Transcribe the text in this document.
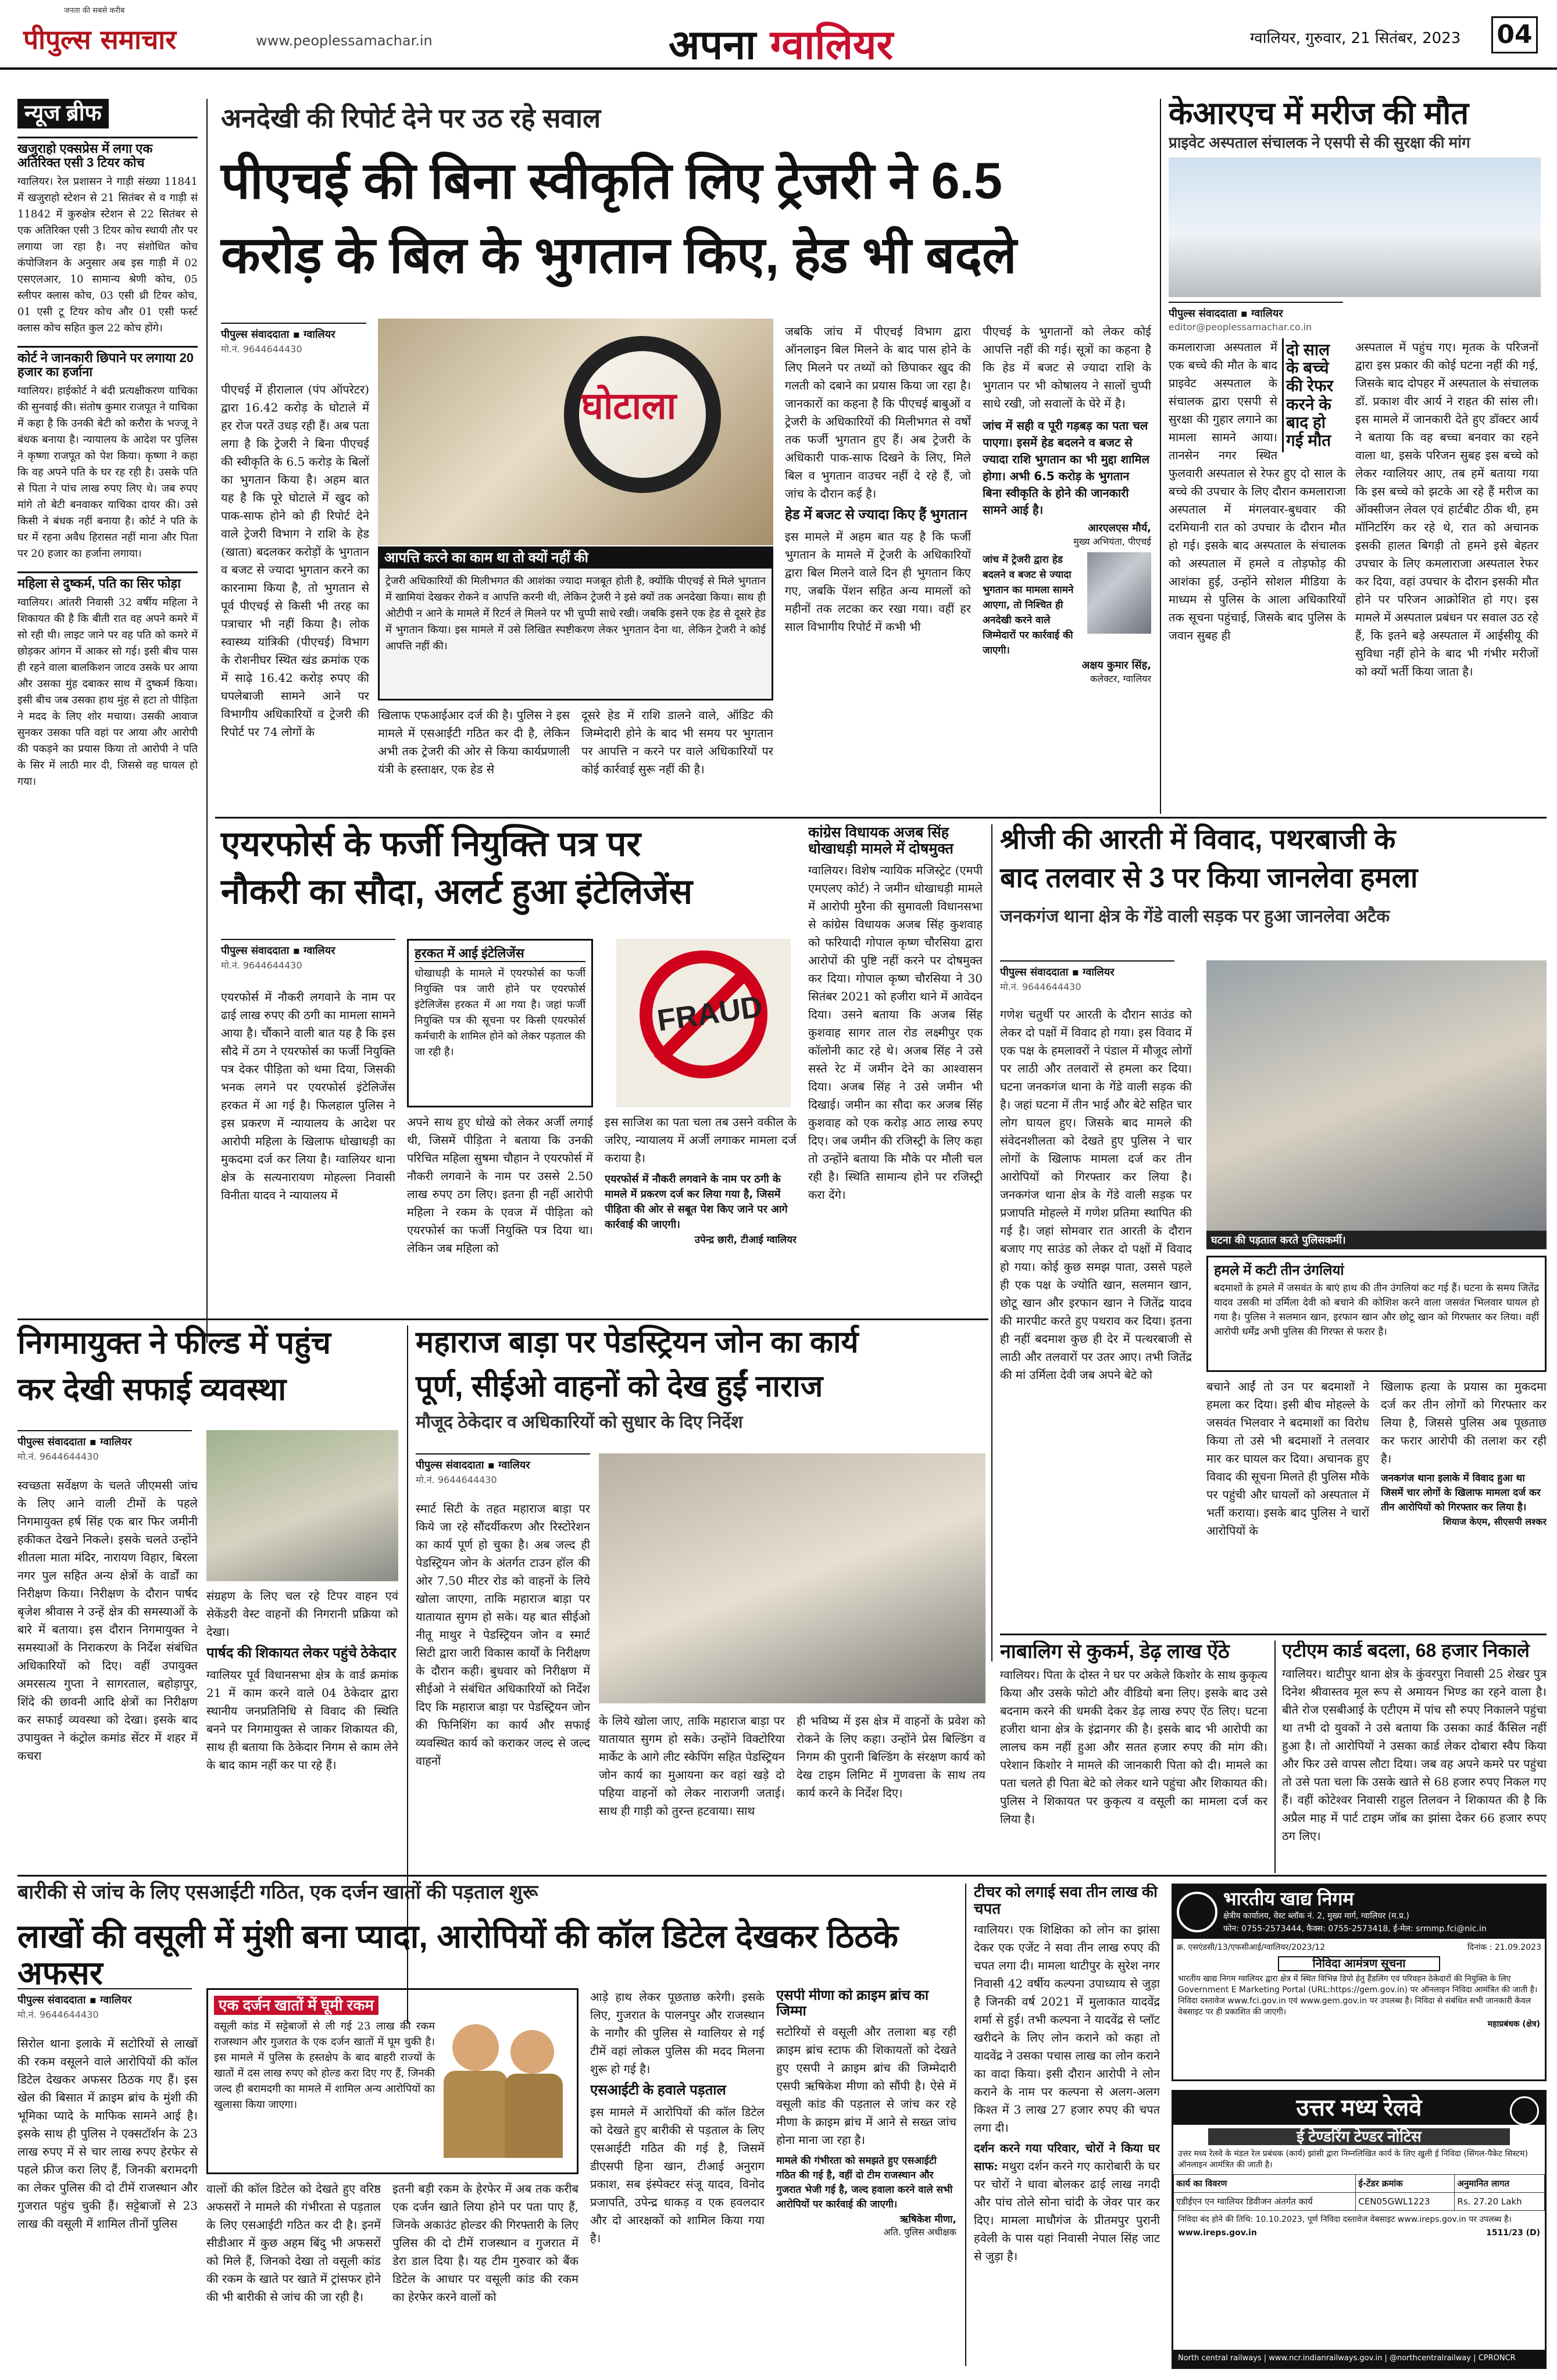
जनता की सबसे करीब
पीपुल्स समाचार	www.peoplessamachar.in	अपना ग्वालियर	ग्वालियर, गुरुवार, 21 सितंबर, 2023 04
न्यूज ब्रीफ
खजुराहो एक्सप्रेस में लगा एक अतिरिक्त एसी 3 टियर कोच
ग्वालियर। रेल प्रशासन ने गाड़ी संख्या 11841 में खजुराहो स्टेशन से 21 सितंबर से व गाड़ी सं 11842 में कुरुक्षेत्र स्टेशन से 22 सितंबर से एक अतिरिक्त एसी 3 टियर कोच स्थायी तौर पर लगाया जा रहा है। नए संशोधित कोच कंपोजिशन के अनुसार अब इस गाड़ी में 02 एसएलआर, 10 सामान्य श्रेणी कोच, 05 स्लीपर क्लास कोच, 03 एसी थ्री टियर कोच, 01 एसी टू टियर कोच और 01 एसी फर्स्ट क्लास कोच सहित कुल 22 कोच होंगे।
कोर्ट ने जानकारी छिपाने पर लगाया 20 हजार का हर्जाना
ग्वालियर। हाईकोर्ट ने बंदी प्रत्यक्षीकरण याचिका की सुनवाई की। संतोष कुमार राजपूत ने याचिका में कहा है कि उनकी बेटी को करौरा के भज्जू ने बंधक बनाया है। न्यायालय के आदेश पर पुलिस ने कृष्णा राजपूत को पेश किया। कृष्णा ने कहा कि वह अपने पति के घर रह रही है। उसके पति से पिता ने पांच लाख रुपए लिए थे। जब रुपए मांगे तो बेटी बनवाकर याचिका दायर की। उसे किसी ने बंधक नहीं बनाया है। कोर्ट ने पति के घर में रहना अवैध हिरासत नहीं माना और पिता पर 20 हजार का हर्जाना लगाया।
महिला से दुष्कर्म, पति का सिर फोड़ा
ग्वालियर। आंतरी निवासी 32 वर्षीय महिला ने शिकायत की है कि बीती रात वह अपने कमरे में सो रही थी। लाइट जाने पर वह पति को कमरे में छोड़कर आंगन में आकर सो गई। इसी बीच पास ही रहने वाला बालकिशन जाटव उसके घर आया और उसका मुंह दबाकर साथ में दुष्कर्म किया। इसी बीच जब उसका हाथ मुंह से हटा तो पीड़िता ने मदद के लिए शोर मचाया। उसकी आवाज सुनकर उसका पति वहां पर आया और आरोपी की पकड़ने का प्रयास किया तो आरोपी ने पति के सिर में लाठी मार दी, जिससे वह घायल हो गया।
अनदेखी की रिपोर्ट देने पर उठ रहे सवाल
पीएचई की बिना स्वीकृति लिए ट्रेजरी ने 6.5
करोड़ के बिल के भुगतान किए, हेड भी बदले
पीपुल्स संवाददाता ▪ ग्वालियर
मो.नं. 9644644430
घोटाला
पीएचई में हीरालाल (पंप ऑपरेटर) द्वारा 16.42 करोड़ के घोटाले में हर रोज परतें उधड़ रही हैं। अब पता लगा है कि ट्रेजरी ने बिना पीएचई की स्वीकृति के 6.5 करोड़ के बिलों का भुगतान किया है। अहम बात यह है कि पूरे घोटाले में खुद को पाक-साफ होने को ही रिपोर्ट देने वाले ट्रेजरी विभाग ने राशि के हेड (खाता) बदलकर करोड़ों के भुगतान व बजट से ज्यादा भुगतान करने का कारनामा किया है, तो भुगतान से पूर्व पीएचई से किसी भी तरह का पत्राचार भी नहीं किया है। लोक स्वास्थ्य यांत्रिकी (पीएचई) विभाग के रोशनीघर स्थित खंड क्रमांक एक में साढ़े 16.42 करोड़ रुपए की घपलेबाजी सामने आने पर विभागीय अधिकारियों व ट्रेजरी की रिपोर्ट पर 74 लोगों के
आपत्ति करने का काम था तो क्यों नहीं की
ट्रेजरी अधिकारियों की मिलीभगत की आशंका ज्यादा मजबूत होती है, क्योंकि पीएचई से मिले भुगतान में खामियां देखकर रोकने व आपत्ति करनी थी, लेकिन ट्रेजरी ने इसे क्यों तक अनदेखा किया। साथ ही ओटीपी न आने के मामले में रिटर्न ले मिलने पर भी चुप्पी साधे रखी। जबकि इसने एक हेड से दूसरे हेड में भुगतान किया। इस मामले में उसे लिखित स्पष्टीकरण लेकर भुगतान देना था, लेकिन ट्रेजरी ने कोई आपत्ति नहीं की।
खिलाफ एफआईआर दर्ज की है। पुलिस ने इस मामले में एसआईटी गठित कर दी है, लेकिन अभी तक ट्रेजरी की ओर से किया कार्यप्रणाली यंत्री के हस्ताक्षर, एक हेड से
दूसरे हेड में राशि डालने वाले, ऑडिट की जिम्मेदारी होने के बाद भी समय पर भुगतान पर आपत्ति न करने पर वाले अधिकारियों पर कोई कार्रवाई सुरू नहीं की है।
जबकि जांच में पीएचई विभाग द्वारा ऑनलाइन बिल मिलने के बाद पास होने के लिए मिलने पर तथ्यों को छिपाकर खुद की गलती को दबाने का प्रयास किया जा रहा है। जानकारों का कहना है कि पीएचई बाबुओं व ट्रेजरी के अधिकारियों की मिलीभगत से वर्षों तक फर्जी भुगतान हुए हैं। अब ट्रेजरी के अधिकारी पाक-साफ दिखने के लिए, मिले बिल व भुगतान वाउचर नहीं दे रहे हैं, जो जांच के दौरान कई है।
हेड में बजट से ज्यादा किए हैं भुगतान
इस मामले में अहम बात यह है कि फर्जी भुगतान के मामले में ट्रेजरी के अधिकारियों द्वारा बिल मिलने वाले दिन ही भुगतान किए गए, जबकि पेंशन सहित अन्य मामलों को महीनों तक लटका कर रखा गया। वहीं हर साल विभागीय रिपोर्ट में कभी भी
पीएचई के भुगतानों को लेकर कोई आपत्ति नहीं की गई। सूत्रों का कहना है कि हेड में बजट से ज्यादा राशि के भुगतान पर भी कोषालय ने सालों चुप्पी साधे रखी, जो सवालों के घेरे में है।
जांच में सही व पूरी गड़बड़ का पता चल पाएगा। इसमें हेड बदलने व बजट से ज्यादा राशि भुगतान का भी मुद्दा शामिल होगा। अभी 6.5 करोड़ के भुगतान बिना स्वीकृति के होने की जानकारी सामने आई है।
आरएलएस मौर्य,
मुख्य अभियंता, पीएचई
जांच में ट्रेजरी द्वारा हेड बदलने व बजट से ज्यादा भुगतान का मामला सामने आएगा, तो निश्चित ही अनदेखी करने वाले जिम्मेदारों पर कार्रवाई की जाएगी।
अक्षय कुमार सिंह,
कलेक्टर, ग्वालियर
केआरएच में मरीज की मौत
प्राइवेट अस्पताल संचालक ने एसपी से की सुरक्षा की मांग
पीपुल्स संवाददाता ▪ ग्वालियर
editor@peoplessamachar.co.in
दो साल के बच्चे की रेफर करने के बाद हो गई मौत
कमलाराजा अस्पताल में एक बच्चे की मौत के बाद प्राइवेट अस्पताल के संचालक द्वारा एसपी से सुरक्षा की गुहार लगाने का मामला सामने आया। तानसेन नगर स्थित फुलवारी अस्पताल से रेफर हुए दो साल के बच्चे की उपचार के लिए दौरान कमलाराजा अस्पताल में मंगलवार-बुधवार की दरमियानी रात को उपचार के दौरान मौत हो गई। इसके बाद अस्पताल के संचालक को अस्पताल में हमले व तोड़फोड़ की आशंका हुई, उन्होंने सोशल मीडिया के माध्यम से पुलिस के आला अधिकारियों तक सूचना पहुंचाई, जिसके बाद पुलिस के जवान सुबह ही
अस्पताल में पहुंच गए। मृतक के परिजनों द्वारा इस प्रकार की कोई घटना नहीं की गई, जिसके बाद दोपहर में अस्पताल के संचालक डॉ. प्रकाश वीर आर्य ने राहत की सांस ली। इस मामले में जानकारी देते हुए डॉक्टर आर्य ने बताया कि वह बच्चा बनवार का रहने वाला था, इसके परिजन सुबह इस बच्चे को लेकर ग्वालियर आए, तब हमें बताया गया कि इस बच्चे को झटके आ रहे हैं मरीज का ऑक्सीजन लेवल एवं हार्टबीट ठीक थी, हम मॉनिटरिंग कर रहे थे, रात को अचानक इसकी हालत बिगड़ी तो हमने इसे बेहतर उपचार के लिए कमलाराजा अस्पताल रेफर कर दिया, वहां उपचार के दौरान इसकी मौत होने पर परिजन आक्रोशित हो गए। इस मामले में अस्पताल प्रबंधन पर सवाल उठ रहे हैं, कि इतने बड़े अस्पताल में आईसीयू की सुविधा नहीं होने के बाद भी गंभीर मरीजों को क्यों भर्ती किया जाता है।
एयरफोर्स के फर्जी नियुक्ति पत्र पर
नौकरी का सौदा, अलर्ट हुआ इंटेलिजेंस
पीपुल्स संवाददाता ▪ ग्वालियर
मो.नं. 9644644430
हरकत में आई इंटेलिजेंस
धोखाधड़ी के मामले में एयरफोर्स का फर्जी नियुक्ति पत्र जारी होने पर एयरफोर्स इंटेलिजेंस हरकत में आ गया है। जहां फर्जी नियुक्ति पत्र की सूचना पर किसी एयरफोर्स कर्मचारी के शामिल होने को लेकर पड़ताल की जा रही है।
FRAUD
एयरफोर्स में नौकरी लगवाने के नाम पर ढाई लाख रुपए की ठगी का मामला सामने आया है। चौंकाने वाली बात यह है कि इस सौदे में ठग ने एयरफोर्स का फर्जी नियुक्ति पत्र देकर पीड़िता को थमा दिया, जिसकी भनक लगने पर एयरफोर्स इंटेलिजेंस हरकत में आ गई है। फिलहाल पुलिस ने इस प्रकरण में न्यायालय के आदेश पर आरोपी महिला के खिलाफ धोखाधड़ी का मुकदमा दर्ज कर लिया है। ग्वालियर थाना क्षेत्र के सत्यनारायण मोहल्ला निवासी विनीता यादव ने न्यायालय में
अपने साथ हुए धोखे को लेकर अर्जी लगाई थी, जिसमें पीड़िता ने बताया कि उनकी परिचित महिला सुषमा चौहान ने एयरफोर्स में नौकरी लगवाने के नाम पर उससे 2.50 लाख रुपए ठग लिए। इतना ही नहीं आरोपी महिला ने रकम के एवज में पीड़िता को एयरफोर्स का फर्जी नियुक्ति पत्र दिया था। लेकिन जब महिला को
इस साजिश का पता चला तब उसने वकील के जरिए, न्यायालय में अर्जी लगाकर मामला दर्ज कराया है।
एयरफोर्स में नौकरी लगवाने के नाम पर ठगी के मामले में प्रकरण दर्ज कर लिया गया है, जिसमें पीड़िता की ओर से सबूत पेश किए जाने पर आगे कार्रवाई की जाएगी।
उपेन्द्र छारी, टीआई ग्वालियर
कांग्रेस विधायक अजब सिंह धोखाधड़ी मामले में दोषमुक्त
ग्वालियर। विशेष न्यायिक मजिस्ट्रेट (एमपी एमएलए कोर्ट) ने जमीन धोखाधड़ी मामले में आरोपी मुरैना की सुमावली विधानसभा से कांग्रेस विधायक अजब सिंह कुशवाह को फरियादी गोपाल कृष्ण चौरसिया द्वारा आरोपों की पुष्टि नहीं करने पर दोषमुक्त कर दिया। गोपाल कृष्ण चौरसिया ने 30 सितंबर 2021 को हजीरा थाने में आवेदन दिया। उसने बताया कि अजब सिंह कुशवाह सागर ताल रोड लक्ष्मीपुर एक कॉलोनी काट रहे थे। अजब सिंह ने उसे सस्ते रेट में जमीन देने का आश्वासन दिया। अजब सिंह ने उसे जमीन भी दिखाई। जमीन का सौदा कर अजब सिंह कुशवाह को एक करोड़ आठ लाख रुपए दिए। जब जमीन की रजिस्ट्री के लिए कहा तो उन्होंने बताया कि मौके पर मौली चल रही है। स्थिति सामान्य होने पर रजिस्ट्री करा देंगे।
श्रीजी की आरती में विवाद, पथरबाजी के
बाद तलवार से 3 पर किया जानलेवा हमला
जनकगंज थाना क्षेत्र के गेंडे वाली सड़क पर हुआ जानलेवा अटैक
पीपुल्स संवाददाता ▪ ग्वालियर
मो.नं. 9644644430
गणेश चतुर्थी पर आरती के दौरान साउंड को लेकर दो पक्षों में विवाद हो गया। इस विवाद में एक पक्ष के हमलावरों ने पंडाल में मौजूद लोगों पर लाठी और तलवारों से हमला कर दिया। घटना जनकगंज थाना के गेंडे वाली सड़क की है। जहां घटना में तीन भाई और बेटे सहित चार लोग घायल हुए। जिसके बाद मामले की संवेदनशीलता को देखते हुए पुलिस ने चार लोगों के खिलाफ मामला दर्ज कर तीन आरोपियों को गिरफ्तार कर लिया है। जनकगंज थाना क्षेत्र के गेंडे वाली सड़क पर प्रजापति मोहल्ले में गणेश प्रतिमा स्थापित की गई है। जहां सोमवार रात आरती के दौरान बजाए गए साउंड को लेकर दो पक्षों में विवाद हो गया। कोई कुछ समझ पाता, उससे पहले ही एक पक्ष के ज्योति खान, सलमान खान, छोटू खान और इरफान खान ने जितेंद्र यादव की मारपीट करते हुए पथराव कर दिया। इतना ही नहीं बदमाश कुछ ही देर में पत्थरबाजी से लाठी और तलवारों पर उतर आए। तभी जितेंद्र की मां उर्मिला देवी जब अपने बेटे को
घटना की पड़ताल करते पुलिसकर्मी।
हमले में कटी तीन उंगलियां
बदमाशों के हमले में जसवंत के बाएं हाथ की तीन उंगलियां कट गई हैं। घटना के समय जितेंद्र यादव उसकी मां उर्मिला देवी को बचाने की कोशिश करने वाला जसवंत भिलवार घायल हो गया है। पुलिस ने सलमान खान, इरफान खान और छोटू खान को गिरफ्तार कर लिया। वहीं आरोपी धर्मेंद्र अभी पुलिस की गिरफ्त से फरार है।
बचाने आईं तो उन पर बदमाशों ने हमला कर दिया। इसी बीच मोहल्ले के जसवंत भिलवार ने बदमाशों का विरोध किया तो उसे भी बदमाशों ने तलवार मार कर घायल कर दिया। अचानक हुए विवाद की सूचना मिलते ही पुलिस मौके पर पहुंची और घायलों को अस्पताल में भर्ती कराया। इसके बाद पुलिस ने चारों आरोपियों के
खिलाफ हत्या के प्रयास का मुकदमा दर्ज कर तीन लोगों को गिरफ्तार कर लिया है, जिससे पुलिस अब पूछताछ कर फरार आरोपी की तलाश कर रही है।
जनकगंज थाना इलाके में विवाद हुआ था जिसमें चार लोगों के खिलाफ मामला दर्ज कर तीन आरोपियों को गिरफ्तार कर लिया है।
शियाज केएम, सीएसपी लश्कर
निगमायुक्त ने फील्ड में पहुंच
कर देखी सफाई व्यवस्था
पीपुल्स संवाददाता ▪ ग्वालियर
मो.नं. 9644644430
स्वच्छता सर्वेक्षण के चलते जीएमसी जांच के लिए आने वाली टीमों के पहले निगमायुक्त हर्ष सिंह एक बार फिर जमीनी हकीकत देखने निकले। इसके चलते उन्होंने शीतला माता मंदिर, नारायण विहार, बिरला नगर पुल सहित अन्य क्षेत्रों के वार्डों का निरीक्षण किया। निरीक्षण के दौरान पार्षद बृजेश श्रीवास ने उन्हें क्षेत्र की समस्याओं के बारे में बताया। इस दौरान निगमायुक्त ने समस्याओं के निराकरण के निर्देश संबंधित अधिकारियों को दिए। वहीं उपायुक्त अमरसत्य गुप्ता ने सागरताल, बहोड़ापुर, शिंदे की छावनी आदि क्षेत्रों का निरीक्षण कर सफाई व्यवस्था को देखा। इसके बाद उपायुक्त ने कंट्रोल कमांड सेंटर में शहर में कचरा
संग्रहण के लिए चल रहे टिपर वाहन एवं सेकेंडरी वेस्ट वाहनों की निगरानी प्रक्रिया को देखा।
पार्षद की शिकायत लेकर पहुंचे ठेकेदार
ग्वालियर पूर्व विधानसभा क्षेत्र के वार्ड क्रमांक 21 में काम करने वाले 04 ठेकेदार द्वारा स्थानीय जनप्रतिनिधि से विवाद की स्थिति बनने पर निगमायुक्त से जाकर शिकायत की, साथ ही बताया कि ठेकेदार निगम से काम लेने के बाद काम नहीं कर पा रहे हैं।
महाराज बाड़ा पर पेडस्ट्रियन जोन का कार्य
पूर्ण, सीईओ वाहनों को देख हुईं नाराज
मौजूद ठेकेदार व अधिकारियों को सुधार के दिए निर्देश
पीपुल्स संवाददाता ▪ ग्वालियर
मो.नं. 9644644430
स्मार्ट सिटी के तहत महाराज बाड़ा पर किये जा रहे सौंदर्यीकरण और रिस्टोरेशन का कार्य पूर्ण हो चुका है। अब जल्द ही पेडस्ट्रियन जोन के अंतर्गत टाउन हॉल की ओर 7.50 मीटर रोड को वाहनों के लिये खोला जाएगा, ताकि महाराज बाड़ा पर यातायात सुगम हो सके। यह बात सीईओ नीतू माथुर ने पेडस्ट्रियन जोन व स्मार्ट सिटी द्वारा जारी विकास कार्यों के निरीक्षण के दौरान कही। बुधवार को निरीक्षण में सीईओ ने संबंधित अधिकारियों को निर्देश दिए कि महाराज बाड़ा पर पेडस्ट्रियन जोन की फिनिशिंग का कार्य और सफाई व्यवस्थित कार्य को कराकर जल्द से जल्द वाहनों
के लिये खोला जाए, ताकि महाराज बाड़ा पर यातायात सुगम हो सके। उन्होंने विक्टोरिया मार्केट के आगे लीट स्केपिंग सहित पेडस्ट्रियन जोन कार्य का मुआयना कर वहां खड़े दो पहिया वाहनों को लेकर नाराजगी जताई। साथ ही गाड़ी को तुरन्त हटवाया। साथ
ही भविष्य में इस क्षेत्र में वाहनों के प्रवेश को रोकने के लिए कहा। उन्होंने प्रेस बिल्डिंग व निगम की पुरानी बिल्डिंग के संरक्षण कार्य को देख टाइम लिमिट में गुणवत्ता के साथ तय कार्य करने के निर्देश दिए।
नाबालिग से कुकर्म, डेढ़ लाख ऐंठे
ग्वालियर। पिता के दोस्त ने घर पर अकेले किशोर के साथ कुकृत्य किया और उसके फोटो और वीडियो बना लिए। इसके बाद उसे बदनाम करने की धमकी देकर डेढ़ लाख रुपए ऐंठ लिए। घटना हजीरा थाना क्षेत्र के इंद्रानगर की है। इसके बाद भी आरोपी का लालच कम नहीं हुआ और सतत हजार रुपए की मांग की। परेशान किशोर ने मामले की जानकारी पिता को दी। मामले का पता चलते ही पिता बेटे को लेकर थाने पहुंचा और शिकायत की। पुलिस ने शिकायत पर कुकृत्य व वसूली का मामला दर्ज कर लिया है।
एटीएम कार्ड बदला, 68 हजार निकाले
ग्वालियर। थाटीपुर थाना क्षेत्र के कुंवरपुरा निवासी 25 शेखर पुत्र दिनेश श्रीवास्तव मूल रूप से अमायन भिण्ड का रहने वाला है। बीते रोज एसबीआई के एटीएम में पांच सौ रुपए निकालने पहुंचा था तभी दो युवकों ने उसे बताया कि उसका कार्ड कैंसिल नहीं हुआ है। तो आरोपियों ने उसका कार्ड लेकर दोबारा स्वैप किया और फिर उसे वापस लौटा दिया। जब वह अपने कमरे पर पहुंचा तो उसे पता चला कि उसके खाते से 68 हजार रुपए निकल गए हैं। वहीं कोटेश्वर निवासी राहुल तिलवन ने शिकायत की है कि अप्रैल माह में पार्ट टाइम जॉब का झांसा देकर 66 हजार रुपए ठग लिए।
बारीकी से जांच के लिए एसआईटी गठित, एक दर्जन खातों की पड़ताल शुरू
लाखों की वसूली में मुंशी बना प्यादा, आरोपियों की कॉल डिटेल देखकर ठिठके अफसर
पीपुल्स संवाददाता ▪ ग्वालियर
मो.नं. 9644644430
सिरोल थाना इलाके में सटोरियों से लाखों की रकम वसूलने वाले आरोपियों की कॉल डिटेल देखकर अफसर ठिठक गए हैं। इस खेल की बिसात में क्राइम ब्रांच के मुंशी की भूमिका प्यादे के माफिक सामने आई है। इसके साथ ही पुलिस ने एक्सटॉर्शन के 23 लाख रुपए में से चार लाख रुपए हेरफेर से पहले फ्रीज करा लिए हैं, जिनकी बरामदगी का लेकर पुलिस की दो टीमें राजस्थान और गुजरात पहुंच चुकी हैं। सट्टेबाजों से 23 लाख की वसूली में शामिल तीनों पुलिस
एक दर्जन खातों में घूमी रकम
वसूली कांड में सट्टेबाजों से ली गई 23 लाख की रकम राजस्थान और गुजरात के एक दर्जन खातों में घूम चुकी है। इस मामले में पुलिस के हस्तक्षेप के बाद बाहरी राज्यों के खातों में दस लाख रुपए को होल्ड करा दिए गए हैं, जिनकी जल्द ही बरामदगी का मामले में शामिल अन्य आरोपियों का खुलासा किया जाएगा।
वालों की कॉल डिटेल को देखते हुए वरिष्ठ अफसरों ने मामले की गंभीरता से पड़ताल के लिए एसआईटी गठित कर दी है। इनमें सीडीआर में कुछ अहम बिंदु भी अफसरों को मिले हैं, जिनको देखा तो वसूली कांड की रकम के खाते पर खाते में ट्रांसफर होने की भी बारीकी से जांच की जा रही है।
इतनी बड़ी रकम के हेरफेर में अब तक करीब एक दर्जन खाते लिया होने पर पता पाए हैं, जिनके अकाउंट होल्डर की गिरफ्तारी के लिए पुलिस की दो टीमें राजस्थान व गुजरात में डेरा डाल दिया है। यह टीम गुरुवार को बैंक डिटेल के आधार पर वसूली कांड की रकम का हेरफेर करने वालों को
आड़े हाथ लेकर पूछताछ करेगी। इसके लिए, गुजरात के पालनपुर और राजस्थान के नागौर की पुलिस से ग्वालियर से गई टीमें वहां लोकल पुलिस की मदद मिलना शुरू हो गई है।
एसआईटी के हवाले पड़ताल
इस मामले में आरोपियों की कॉल डिटेल को देखते हुए बारीकी से पड़ताल के लिए एसआईटी गठित की गई है, जिसमें डीएसपी हिना खान, टीआई अनुराग प्रकाश, सब इंस्पेक्टर संजू यादव, विनोद प्रजापति, उपेन्द्र धाकड़ व एक हवलदार और दो आरक्षकों को शामिल किया गया है।
एसपी मीणा को क्राइम ब्रांच का जिम्मा
सटोरियों से वसूली और तलाशा बड़ रही क्राइम ब्रांच स्टाफ की शिकायतों को देखते हुए एसपी ने क्राइम ब्रांच की जिम्मेदारी एसपी ऋषिकेश मीणा को सौंपी है। ऐसे में वसूली कांड की पड़ताल से जांच कर रहे मीणा के क्राइम ब्रांच में आने से सख्त जांच होना माना जा रहा है।
मामले की गंभीरता को समझते हुए एसआईटी गठित की गई है, वहीं दो टीम राजस्थान और गुजरात भेजी गई है, जल्द हवाला करने वाले सभी आरोपियों पर कार्रवाई की जाएगी।
ऋषिकेश मीणा,
अति. पुलिस अधीक्षक
टीचर को लगाई सवा तीन लाख की चपत
ग्वालियर। एक शिक्षिका को लोन का झांसा देकर एक एजेंट ने सवा तीन लाख रुपए की चपत लगा दी। मामला थाटीपुर के सुरेश नगर निवासी 42 वर्षीय कल्पना उपाध्याय से जुड़ा है जिनकी वर्ष 2021 में मुलाकात यादवेंद्र शर्मा से हुई। तभी कल्पना ने यादवेंद्र से प्लॉट खरीदने के लिए लोन कराने को कहा तो यादवेंद्र ने उसका पचास लाख का लोन कराने का वादा किया। इसी दौरान आरोपी ने लोन कराने के नाम पर कल्पना से अलग-अलग किश्त में 3 लाख 27 हजार रुपए की चपत लगा दी।
दर्शन करने गया परिवार, चोरों ने किया घर साफ: मथुरा दर्शन करने गए कारोबारी के घर पर चोरों ने धावा बोलकर ढाई लाख नगदी और पांच तोले सोना चांदी के जेवर पार कर दिए। मामला माधौगंज के प्रीतमपुर पुरानी हवेली के पास यहां निवासी नेपाल सिंह जाट से जुड़ा है।
भारतीय खाद्य निगम
क्षेत्रीय कार्यालय, वेस्ट ब्लॉक नं. 2, मुख्य मार्ग, ग्वालियर (म.प्र.)
फोन: 0755-2573444, फैक्स: 0755-2573418, ई-मेल: srmmp.fci@nic.in
क्र. एसएंडसी/13/एफसीआई/ग्वालियर/2023/12	दिनांक : 21.09.2023
निविदा आमंत्रण सूचना
भारतीय खाद्य निगम ग्वालियर द्वारा क्षेत्र में स्थित विभिन्न डिपो हेतु हैंडलिंग एवं परिवहन ठेकेदारों की नियुक्ति के लिए Government E Marketing Portal (URL:https://gem.gov.in) पर ऑनलाइन निविदा आमंत्रित की जाती है। निविदा दस्तावेज www.fci.gov.in एवं www.gem.gov.in पर उपलब्ध है। निविदा से संबंधित सभी जानकारी केवल वेबसाइट पर ही प्रकाशित की जाएगी।
महाप्रबंधक (क्षेत्र)
उत्तर मध्य रेलवे
ई टेण्डरिंग टेण्डर नोटिस
उत्तर मध्य रेलवे के मंडल रेल प्रबंधक (कार्य) झांसी द्वारा निम्नलिखित कार्य के लिए खुली ई निविदा (सिंगल-पैकेट सिस्टम) ऑनलाइन आमंत्रित की जाती है।
कार्य का विवरण	ई-टेंडर क्रमांक	अनुमानित लागत
एडीईएन एन ग्वालियर डिवीजन अंतर्गत कार्य	CEN05GWL1223	Rs. 27.20 Lakh
निविदा बंद होने की तिथि: 10.10.2023, पूर्ण निविदा दस्तावेज वेबसाइट www.ireps.gov.in पर उपलब्ध है।
www.ireps.gov.in	1511/23 (D)
North central railways | www.ncr.indianrailways.gov.in | @northcentralrailway | CPRONCR
